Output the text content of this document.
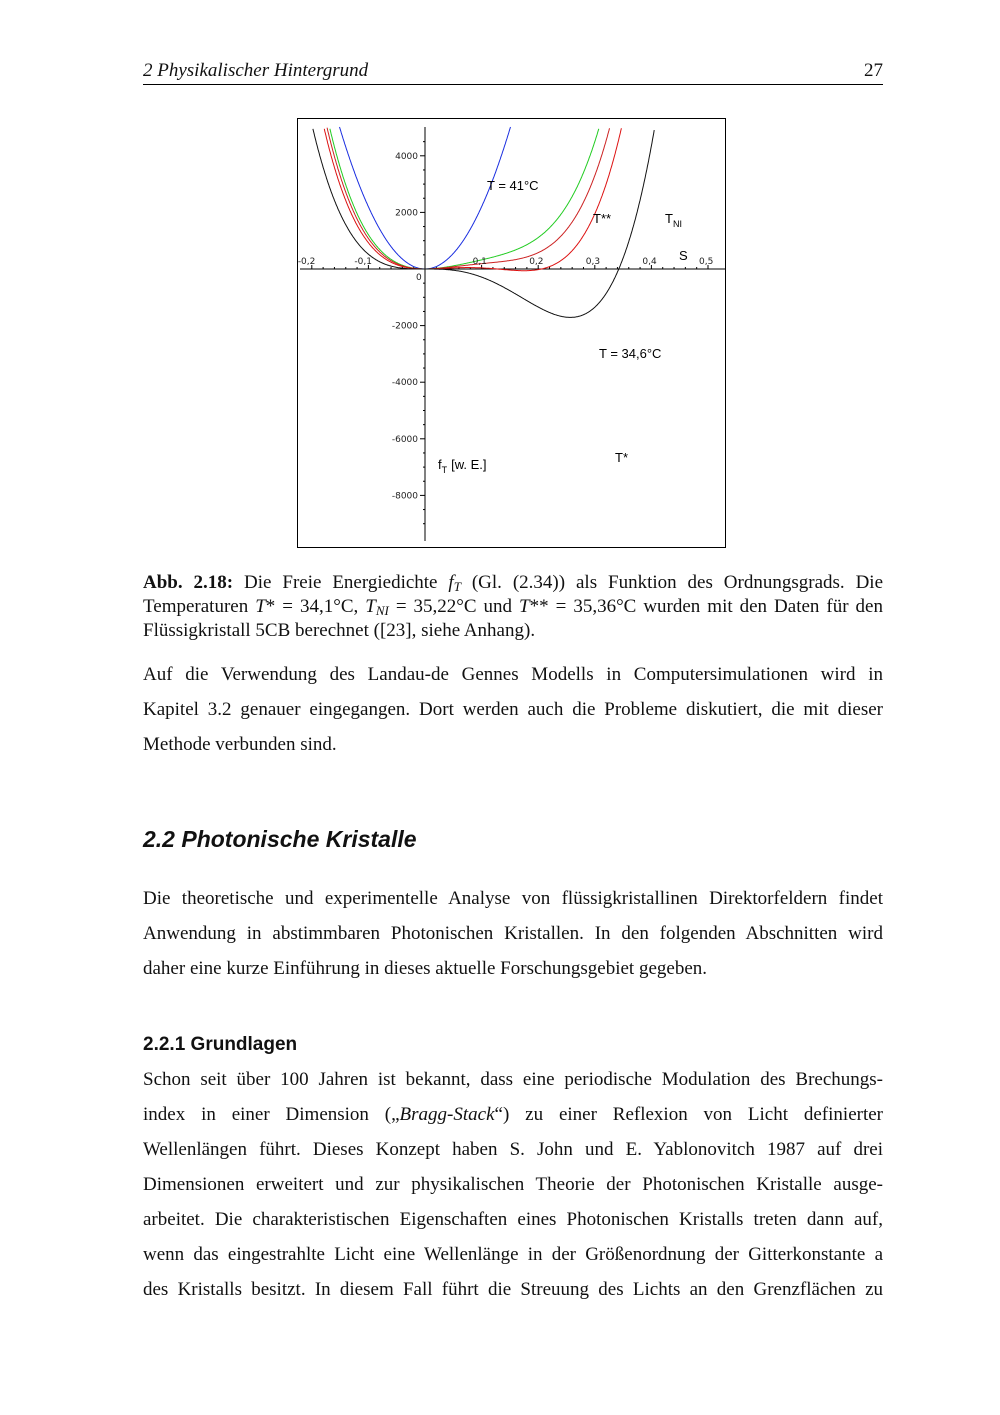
2 Physikalischer Hintergrund	27
-0,2	-0,1
0
0,1	0,2	0,3	0,4	0,5
4000
2000
-2000
-4000
-6000
-8000
T = 41°C
T**	$T_{NI}$
S
T = 34,6°C
T*
$f_T$ [w. E.]
Abb. 2.18: Die Freie Energiedichte $f_T$ (Gl. (2.34)) als Funktion des Ordnungsgrads. Die Temperaturen T* = 34,1°C, $T_{NI} = 35,22^\circ C$ und T** = 35,36°C wurden mit den Daten für den Flüssigkristall 5CB berechnet ([23], siehe Anhang).
Auf die Verwendung des Landau-de Gennes Modells in Computersimulationen wird in
Kapitel 3.2 genauer eingegangen. Dort werden auch die Probleme diskutiert, die mit dieser
Methode verbunden sind.
2.2 Photonische Kristalle
Die theoretische und experimentelle Analyse von flüssigkristallinen Direktorfeldern findet
Anwendung in abstimmbaren Photonischen Kristallen. In den folgenden Abschnitten wird
daher eine kurze Einführung in dieses aktuelle Forschungsgebiet gegeben.
2.2.1 Grundlagen
Schon seit über 100 Jahren ist bekannt, dass eine periodische Modulation des Brechungs-
index in einer Dimension („Bragg-Stack“) zu einer Reflexion von Licht definierter
Wellenlängen führt. Dieses Konzept haben S. John und E. Yablonovitch 1987 auf drei
Dimensionen erweitert und zur physikalischen Theorie der Photonischen Kristalle ausge-
arbeitet. Die charakteristischen Eigenschaften eines Photonischen Kristalls treten dann auf,
wenn das eingestrahlte Licht eine Wellenlänge in der Größenordnung der Gitterkonstante a
des Kristalls besitzt. In diesem Fall führt die Streuung des Lichts an den Grenzflächen zu
